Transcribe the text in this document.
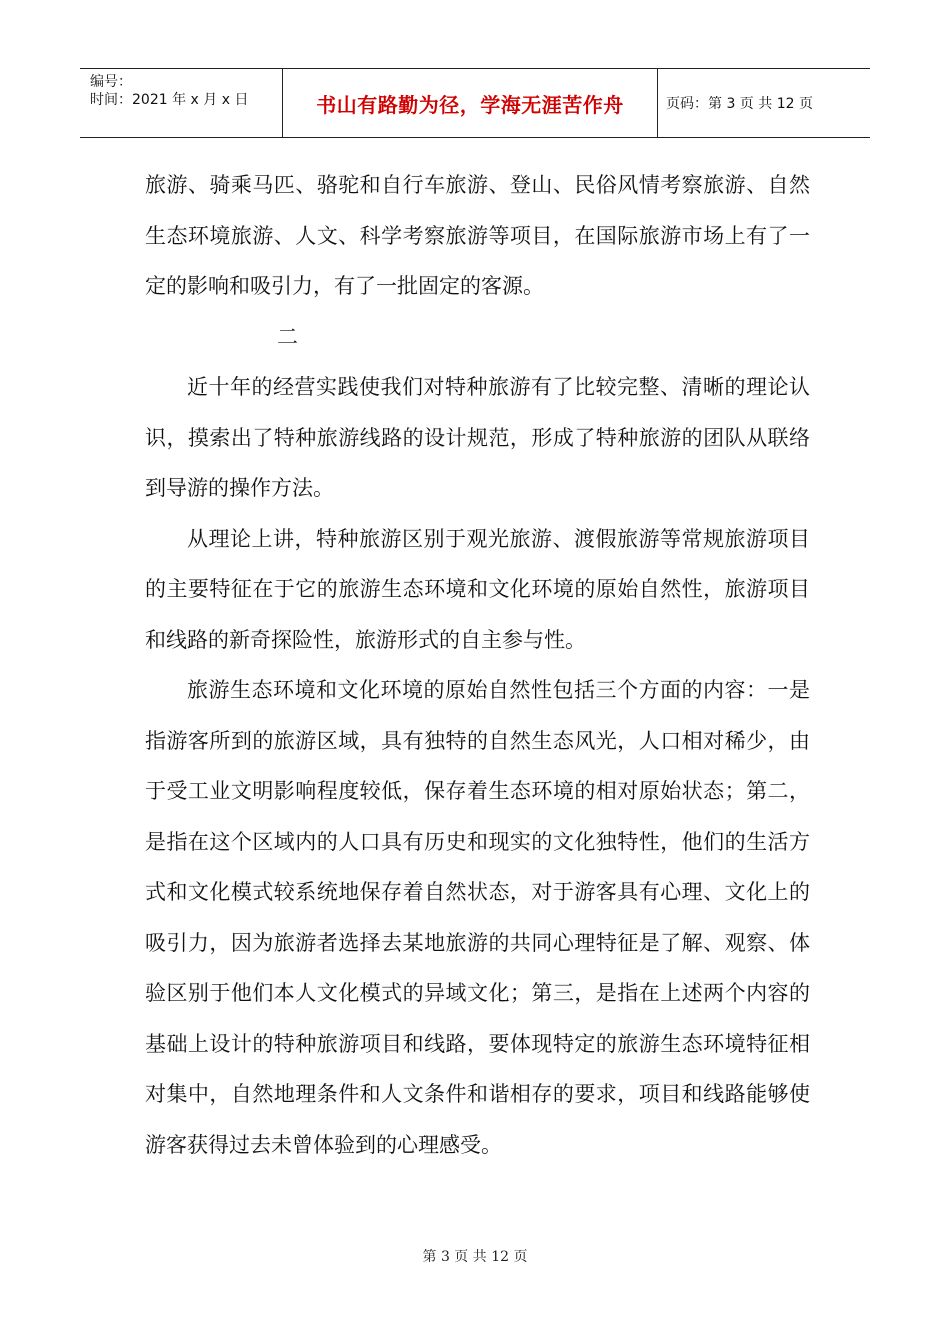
编号：
时间：2021 年 x 月 x 日	书山有路勤为径，学海无涯苦作舟	页码：第 3 页 共 12 页

旅游、骑乘马匹、骆驼和自行车旅游、登山、民俗风情考察旅游、自然生态环境旅游、人文、科学考察旅游等项目，在国际旅游市场上有了一定的影响和吸引力，有了一批固定的客源。

二

近十年的经营实践使我们对特种旅游有了比较完整、清晰的理论认识，摸索出了特种旅游线路的设计规范，形成了特种旅游的团队从联络到导游的操作方法。

从理论上讲，特种旅游区别于观光旅游、渡假旅游等常规旅游项目的主要特征在于它的旅游生态环境和文化环境的原始自然性，旅游项目和线路的新奇探险性，旅游形式的自主参与性。

旅游生态环境和文化环境的原始自然性包括三个方面的内容：一是指游客所到的旅游区域，具有独特的自然生态风光，人口相对稀少，由于受工业文明影响程度较低，保存着生态环境的相对原始状态；第二，是指在这个区域内的人口具有历史和现实的文化独特性，他们的生活方式和文化模式较系统地保存着自然状态，对于游客具有心理、文化上的吸引力，因为旅游者选择去某地旅游的共同心理特征是了解、观察、体验区别于他们本人文化模式的异域文化；第三，是指在上述两个内容的基础上设计的特种旅游项目和线路，要体现特定的旅游生态环境特征相对集中，自然地理条件和人文条件和谐相存的要求，项目和线路能够使游客获得过去未曾体验到的心理感受。

第 3 页 共 12 页
